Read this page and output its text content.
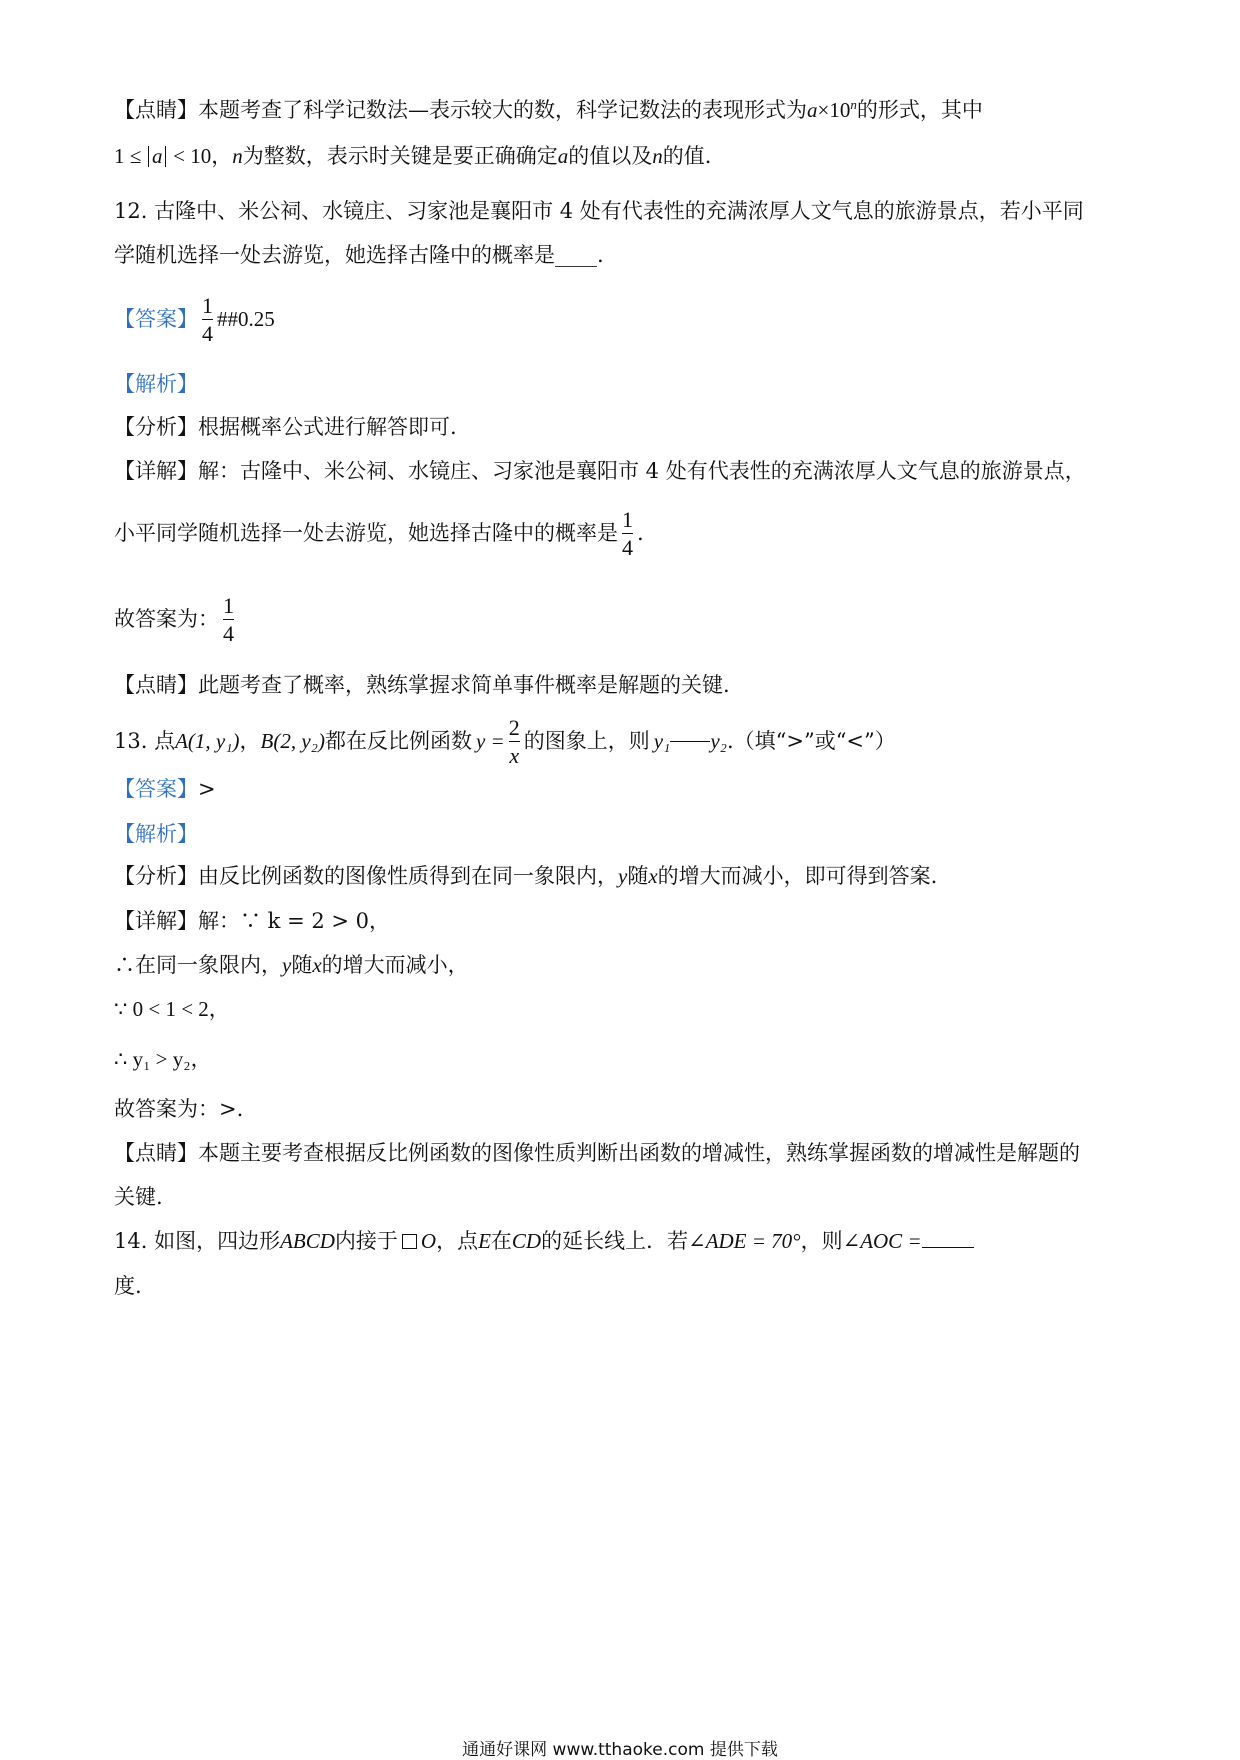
【点睛】本题考查了科学记数法—表示较大的数，科学记数法的表现形式为$a\times 10^n$的形式，其中
1 ≤ a < 10，n为整数，表示时关键是要正确确定a的值以及n的值.
12. 古隆中、米公祠、水镜庄、习家池是襄阳市 4 处有代表性的充满浓厚人文气息的旅游景点，若小平同
学随机选择一处去游览，她选择古隆中的概率是____.
【答案】 $\frac{1}{4}$ ##0.25
【解析】
【分析】根据概率公式进行解答即可.
【详解】解：古隆中、米公祠、水镜庄、习家池是襄阳市 4 处有代表性的充满浓厚人文气息的旅游景点，
小平同学随机选择一处去游览，她选择古隆中的概率是 $\frac{1}{4}$ .
故答案为： $\frac{1}{4}$
【点睛】此题考查了概率，熟练掌握求简单事件概率是解题的关键.
13. 点A(1, y₁)，B(2, y₂)都在反比例函数 $y = \frac{2}{x}$ 的图象上，则 y₁ y₂.（填“>”或“<”）
【答案】>
【解析】
【分析】由反比例函数的图像性质得到在同一象限内，y随x的增大而减小，即可得到答案.
【详解】解：∵ k = 2 > 0，
∴在同一象限内，y随x的增大而减小，
∵ 0 < 1 < 2，
∴ y₁ > y₂，
故答案为：>.
【点睛】本题主要考查根据反比例函数的图像性质判断出函数的增减性，熟练掌握函数的增减性是解题的
关键.
14. 如图，四边形ABCD内接于 O，点E在CD的延长线上．若∠ADE = 70°，则∠AOC =
度.
通通好课网 www.tthaoke.com 提供下载
